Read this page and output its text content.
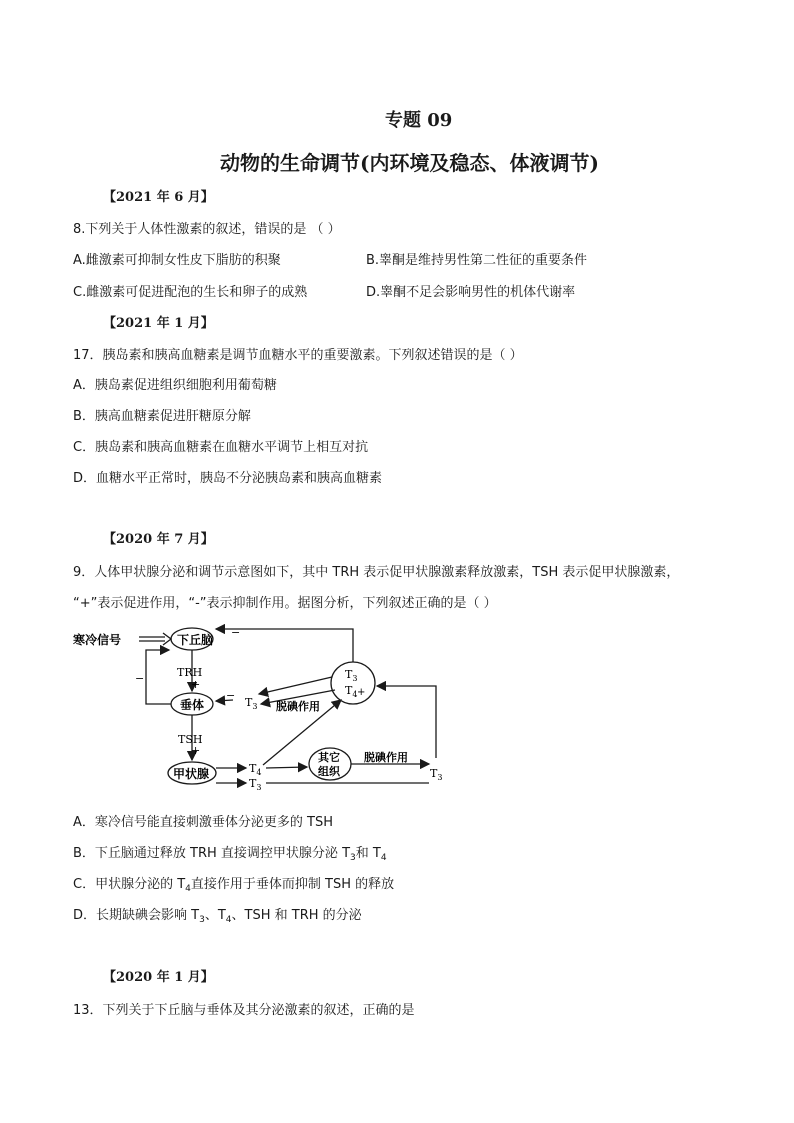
专题 09
动物的生命调节(内环境及稳态、体液调节)
【2021 年 6 月】
8.下列关于人体性激素的叙述，错误的是 （ ）
A.雌激素可抑制女性皮下脂肪的积聚	B.睾酮是维持男性第二性征的重要条件
C.雌激素可促进配泡的生长和卵子的成熟	D.睾酮不足会影响男性的机体代谢率
【2021 年 1 月】
17．胰岛素和胰高血糖素是调节血糖水平的重要激素。下列叙述错误的是（ ）
A．胰岛素促进组织细胞利用葡萄糖
B．胰高血糖素促进肝糖原分解
C．胰岛素和胰高血糖素在血糖水平调节上相互对抗
D．血糖水平正常时，胰岛不分泌胰岛素和胰高血糖素
【2020 年 7 月】
9．人体甲状腺分泌和调节示意图如下，其中 TRH 表示促甲状腺激素释放激素，TSH 表示促甲状腺激素，
“+”表示促进作用，“-”表示抑制作用。据图分析，下列叙述正确的是（ ）
寒冷信号	下丘脑
垂体
甲状腺
其它
组织
TRH
+
TSH
+
−
−
−	+
脱碘作用
脱碘作用
$T_3$
$T_4$
$T_3$
$T_4$
$T_3$
$T_3$
A．寒冷信号能直接刺激垂体分泌更多的 TSH
B．下丘脑通过释放 TRH 直接调控甲状腺分泌 $T_3$和 $T_4$
C．甲状腺分泌的 $T_4$直接作用于垂体而抑制 TSH 的释放
D．长期缺碘会影响 $T_3$、$T_4$、TSH 和 TRH 的分泌
【2020 年 1 月】
13．下列关于下丘脑与垂体及其分泌激素的叙述，正确的是
